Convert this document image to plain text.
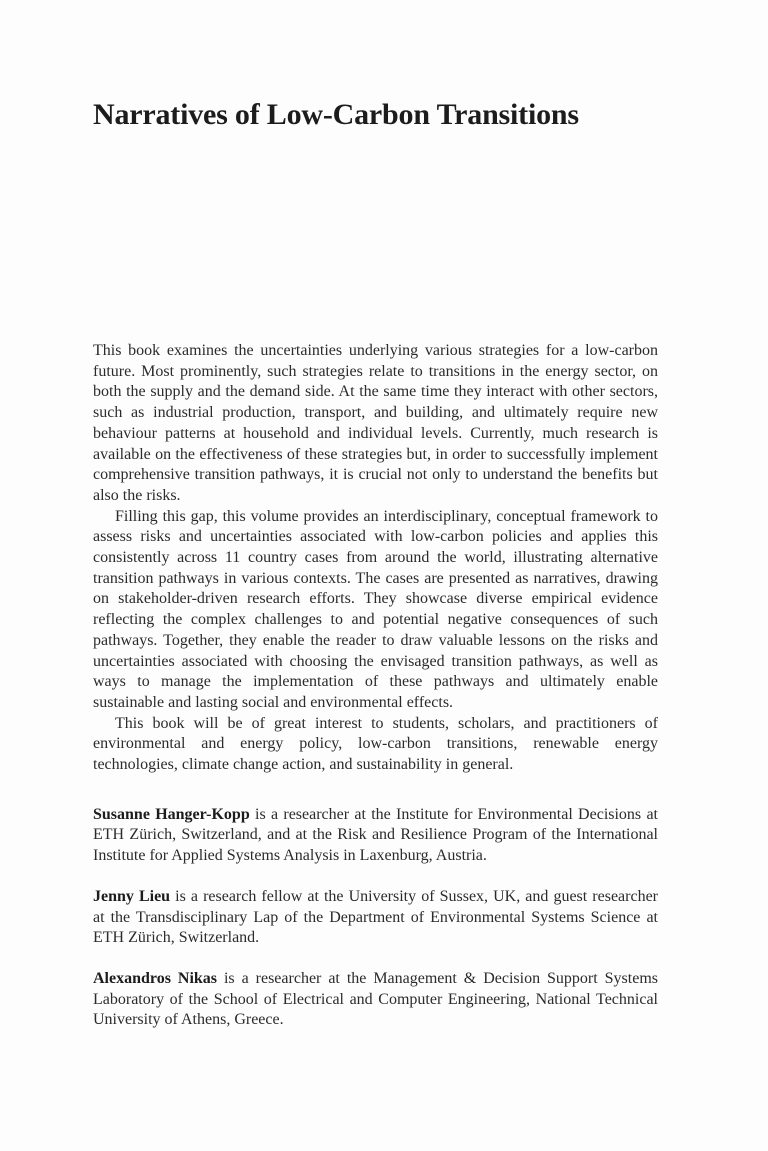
Narratives of Low-Carbon Transitions

This book examines the uncertainties underlying various strategies for a low-carbon future. Most prominently, such strategies relate to transitions in the energy sector, on both the supply and the demand side. At the same time they interact with other sectors, such as industrial production, transport, and building, and ultimately require new behaviour patterns at household and individual levels. Currently, much research is available on the effectiveness of these strategies but, in order to successfully implement comprehensive transition pathways, it is crucial not only to understand the benefits but also the risks.

Filling this gap, this volume provides an interdisciplinary, conceptual framework to assess risks and uncertainties associated with low-carbon policies and applies this consistently across 11 country cases from around the world, illustrating alternative transition pathways in various contexts. The cases are presented as narratives, drawing on stakeholder-driven research efforts. They showcase diverse empirical evidence reflecting the complex challenges to and potential negative consequences of such pathways. Together, they enable the reader to draw valuable lessons on the risks and uncertainties associated with choosing the envisaged transition pathways, as well as ways to manage the implementation of these pathways and ultimately enable sustainable and lasting social and environmental effects.

This book will be of great interest to students, scholars, and practitioners of environmental and energy policy, low-carbon transitions, renewable energy technologies, climate change action, and sustainability in general.

Susanne Hanger-Kopp is a researcher at the Institute for Environmental Decisions at ETH Zürich, Switzerland, and at the Risk and Resilience Program of the International Institute for Applied Systems Analysis in Laxenburg, Austria.

Jenny Lieu is a research fellow at the University of Sussex, UK, and guest researcher at the Transdisciplinary Lap of the Department of Environmental Systems Science at ETH Zürich, Switzerland.

Alexandros Nikas is a researcher at the Management & Decision Support Systems Laboratory of the School of Electrical and Computer Engineering, National Technical University of Athens, Greece.
